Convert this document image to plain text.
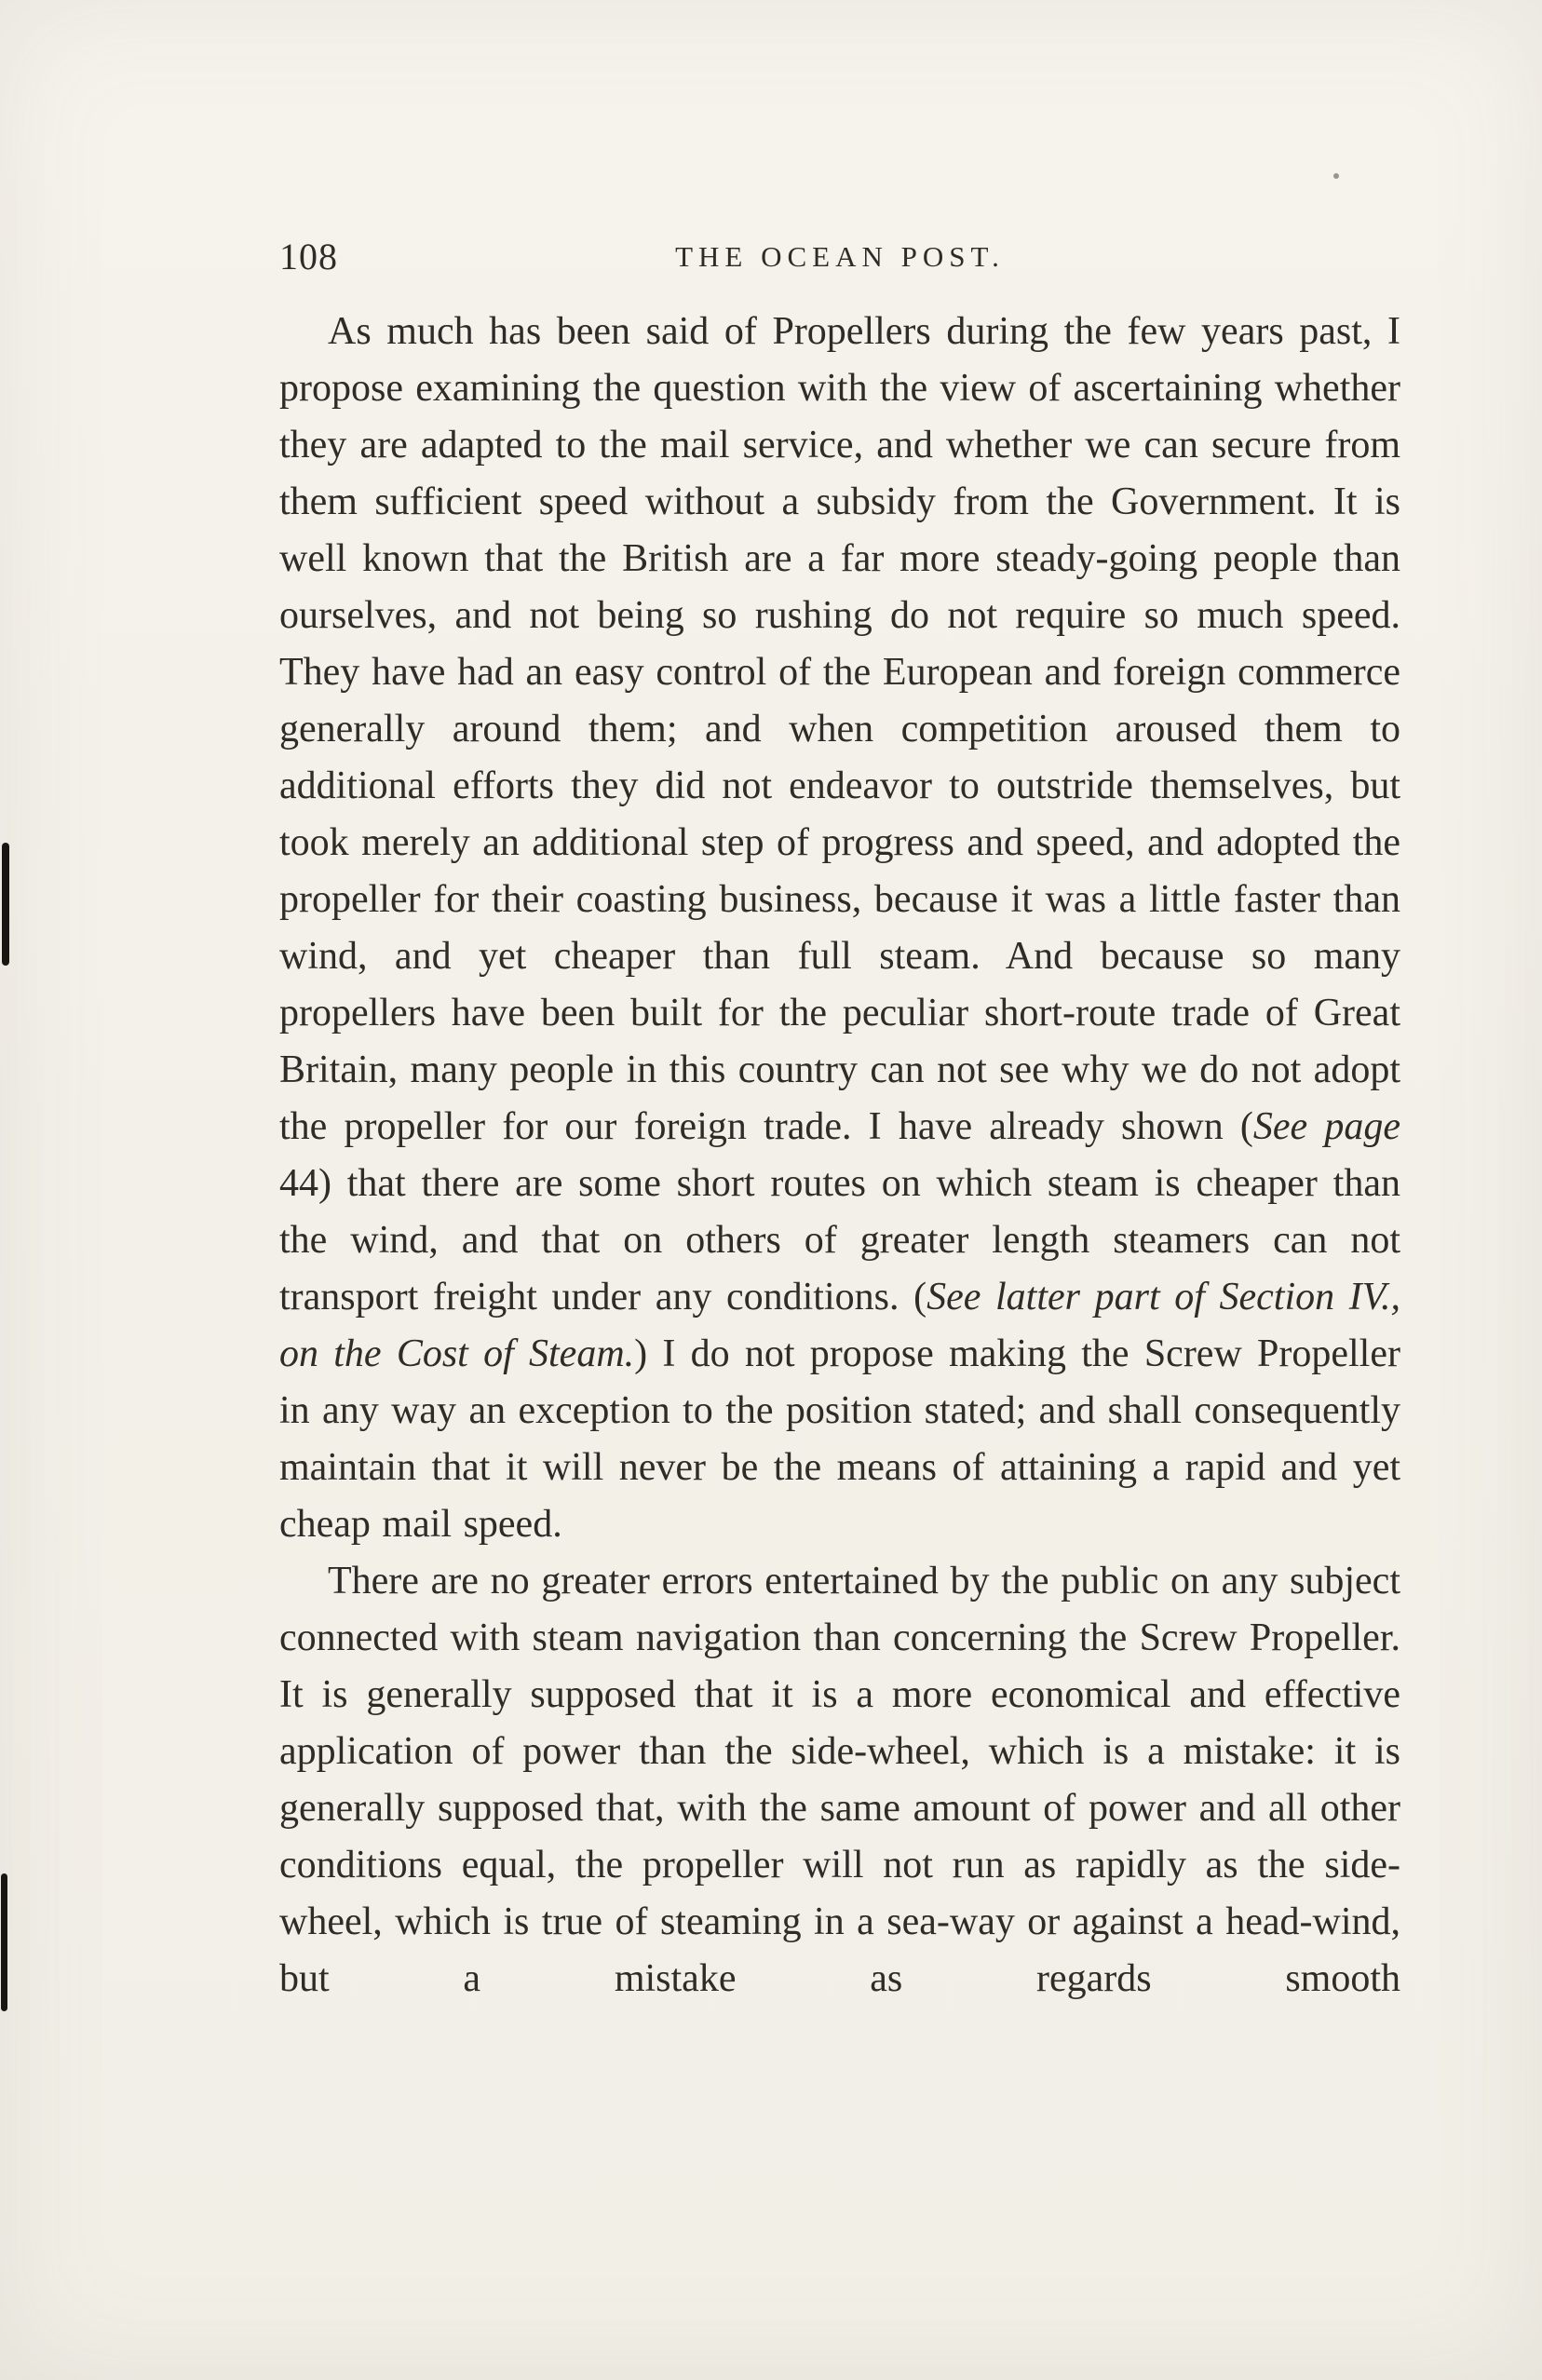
108	THE OCEAN POST.

As much has been said of Propellers during the few years past, I propose examining the question with the view of ascertaining whether they are adapted to the mail service, and whether we can secure from them sufficient speed without a subsidy from the Government. It is well known that the British are a far more steady-going people than ourselves, and not being so rushing do not require so much speed. They have had an easy control of the European and foreign commerce generally around them; and when competition aroused them to additional efforts they did not endeavor to outstride themselves, but took merely an additional step of progress and speed, and adopted the propeller for their coasting business, because it was a little faster than wind, and yet cheaper than full steam. And because so many propellers have been built for the peculiar short-route trade of Great Britain, many people in this country can not see why we do not adopt the propeller for our foreign trade. I have already shown (See page 44) that there are some short routes on which steam is cheaper than the wind, and that on others of greater length steamers can not transport freight under any conditions. (See latter part of Section IV., on the Cost of Steam.) I do not propose making the Screw Propeller in any way an exception to the position stated; and shall consequently maintain that it will never be the means of attaining a rapid and yet cheap mail speed.

There are no greater errors entertained by the public on any subject connected with steam navigation than concerning the Screw Propeller. It is generally supposed that it is a more economical and effective application of power than the side-wheel, which is a mistake: it is generally supposed that, with the same amount of power and all other conditions equal, the propeller will not run as rapidly as the side-wheel, which is true of steaming in a sea-way or against a head-wind, but a mistake as regards smooth
